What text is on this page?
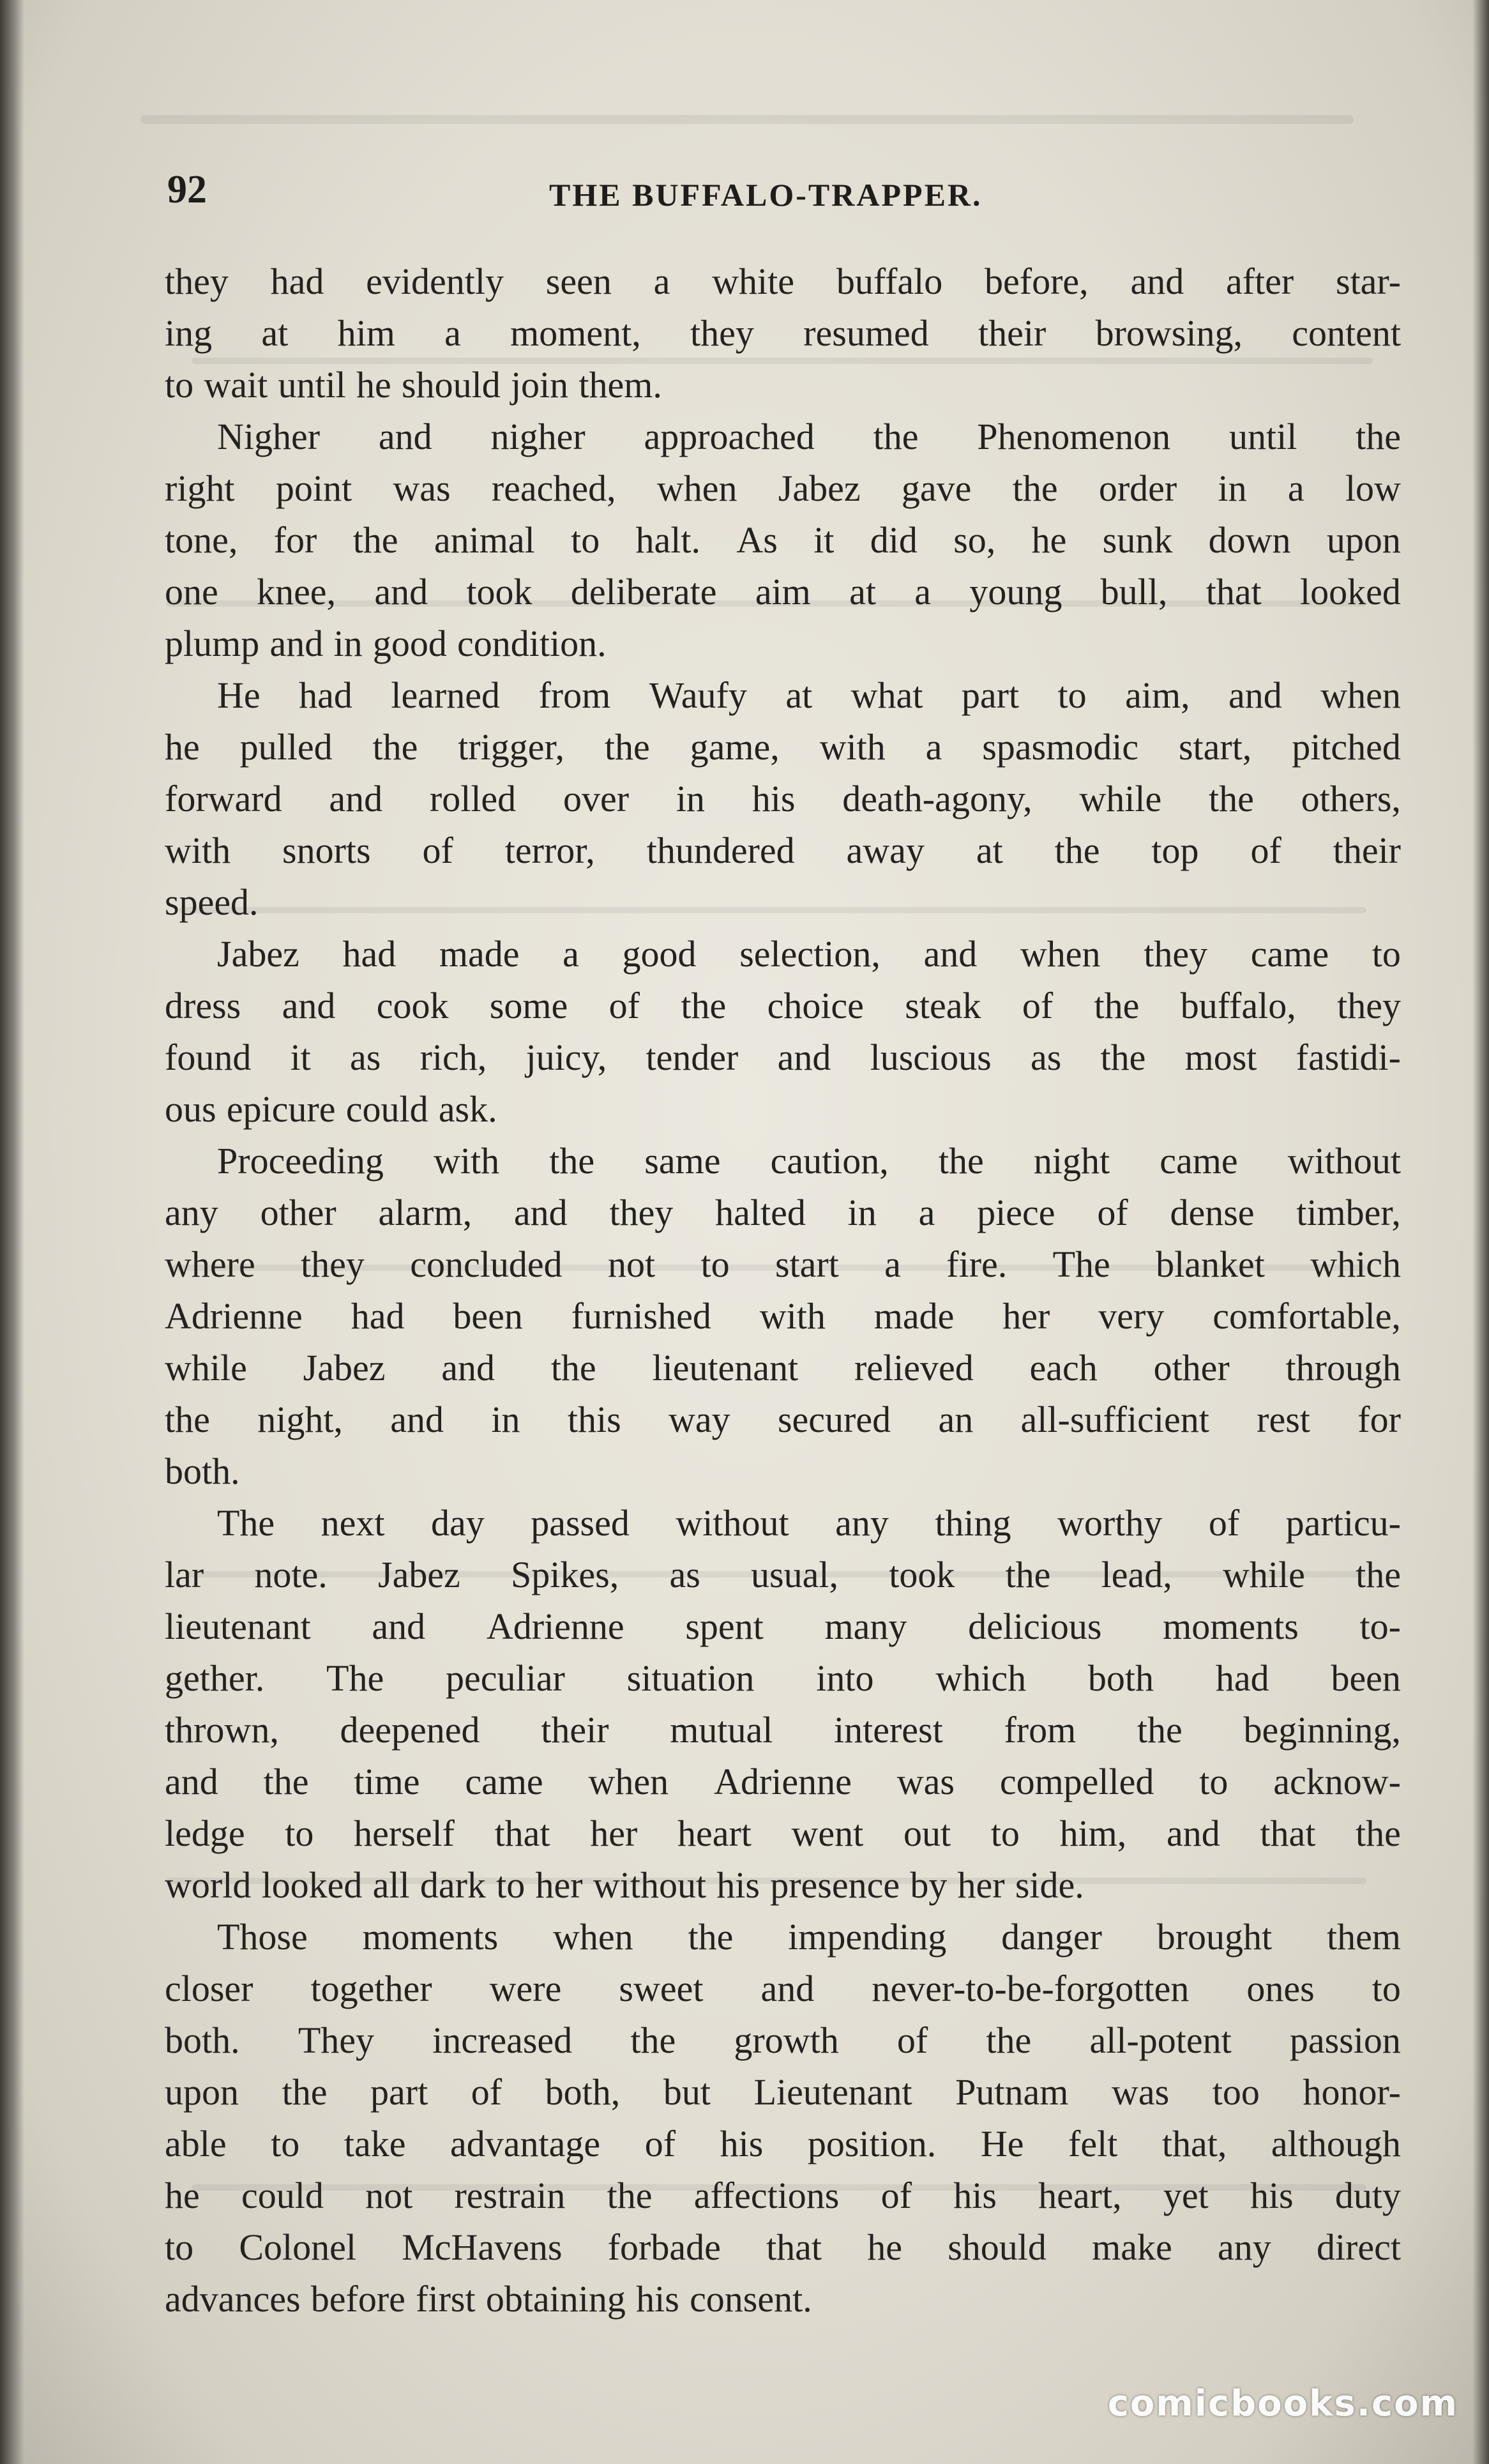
92	THE BUFFALO-TRAPPER.
they had evidently seen a white buffalo before, and after star-
ing at him a moment, they resumed their browsing, content
to wait until he should join them.
Nigher and nigher approached the Phenomenon until the
right point was reached, when Jabez gave the order in a low
tone, for the animal to halt. As it did so, he sunk down upon
one knee, and took deliberate aim at a young bull, that looked
plump and in good condition.
He had learned from Waufy at what part to aim, and when
he pulled the trigger, the game, with a spasmodic start, pitched
forward and rolled over in his death-agony, while the others,
with snorts of terror, thundered away at the top of their
speed.
Jabez had made a good selection, and when they came to
dress and cook some of the choice steak of the buffalo, they
found it as rich, juicy, tender and luscious as the most fastidi-
ous epicure could ask.
Proceeding with the same caution, the night came without
any other alarm, and they halted in a piece of dense timber,
where they concluded not to start a fire. The blanket which
Adrienne had been furnished with made her very comfortable,
while Jabez and the lieutenant relieved each other through
the night, and in this way secured an all-sufficient rest for
both.
The next day passed without any thing worthy of particu-
lar note. Jabez Spikes, as usual, took the lead, while the
lieutenant and Adrienne spent many delicious moments to-
gether. The peculiar situation into which both had been
thrown, deepened their mutual interest from the beginning,
and the time came when Adrienne was compelled to acknow-
ledge to herself that her heart went out to him, and that the
world looked all dark to her without his presence by her side.
Those moments when the impending danger brought them
closer together were sweet and never-to-be-forgotten ones to
both. They increased the growth of the all-potent passion
upon the part of both, but Lieutenant Putnam was too honor-
able to take advantage of his position. He felt that, although
he could not restrain the affections of his heart, yet his duty
to Colonel McHavens forbade that he should make any direct
advances before first obtaining his consent.
comicbooks.com
